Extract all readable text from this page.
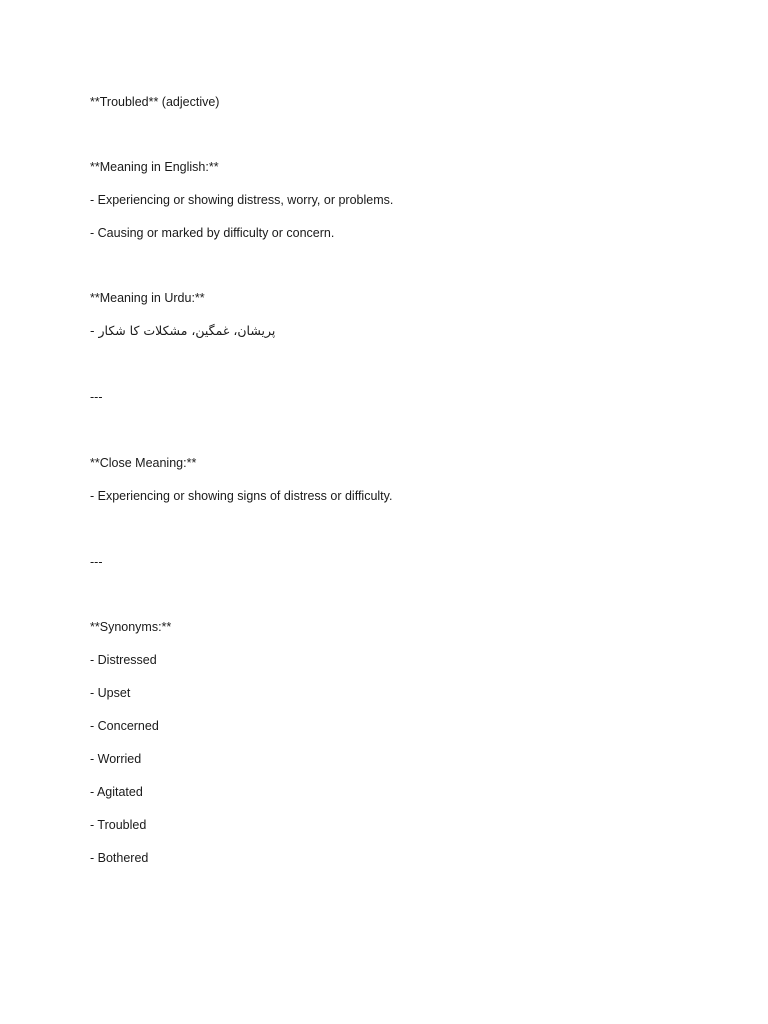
**Troubled** (adjective)
**Meaning in English:**
- Experiencing or showing distress, worry, or problems.
- Causing or marked by difficulty or concern.
**Meaning in Urdu:**
- پریشان، غمگین، مشکلات کا شکار
---
**Close Meaning:**
- Experiencing or showing signs of distress or difficulty.
---
**Synonyms:**
- Distressed
- Upset
- Concerned
- Worried
- Agitated
- Troubled
- Bothered
